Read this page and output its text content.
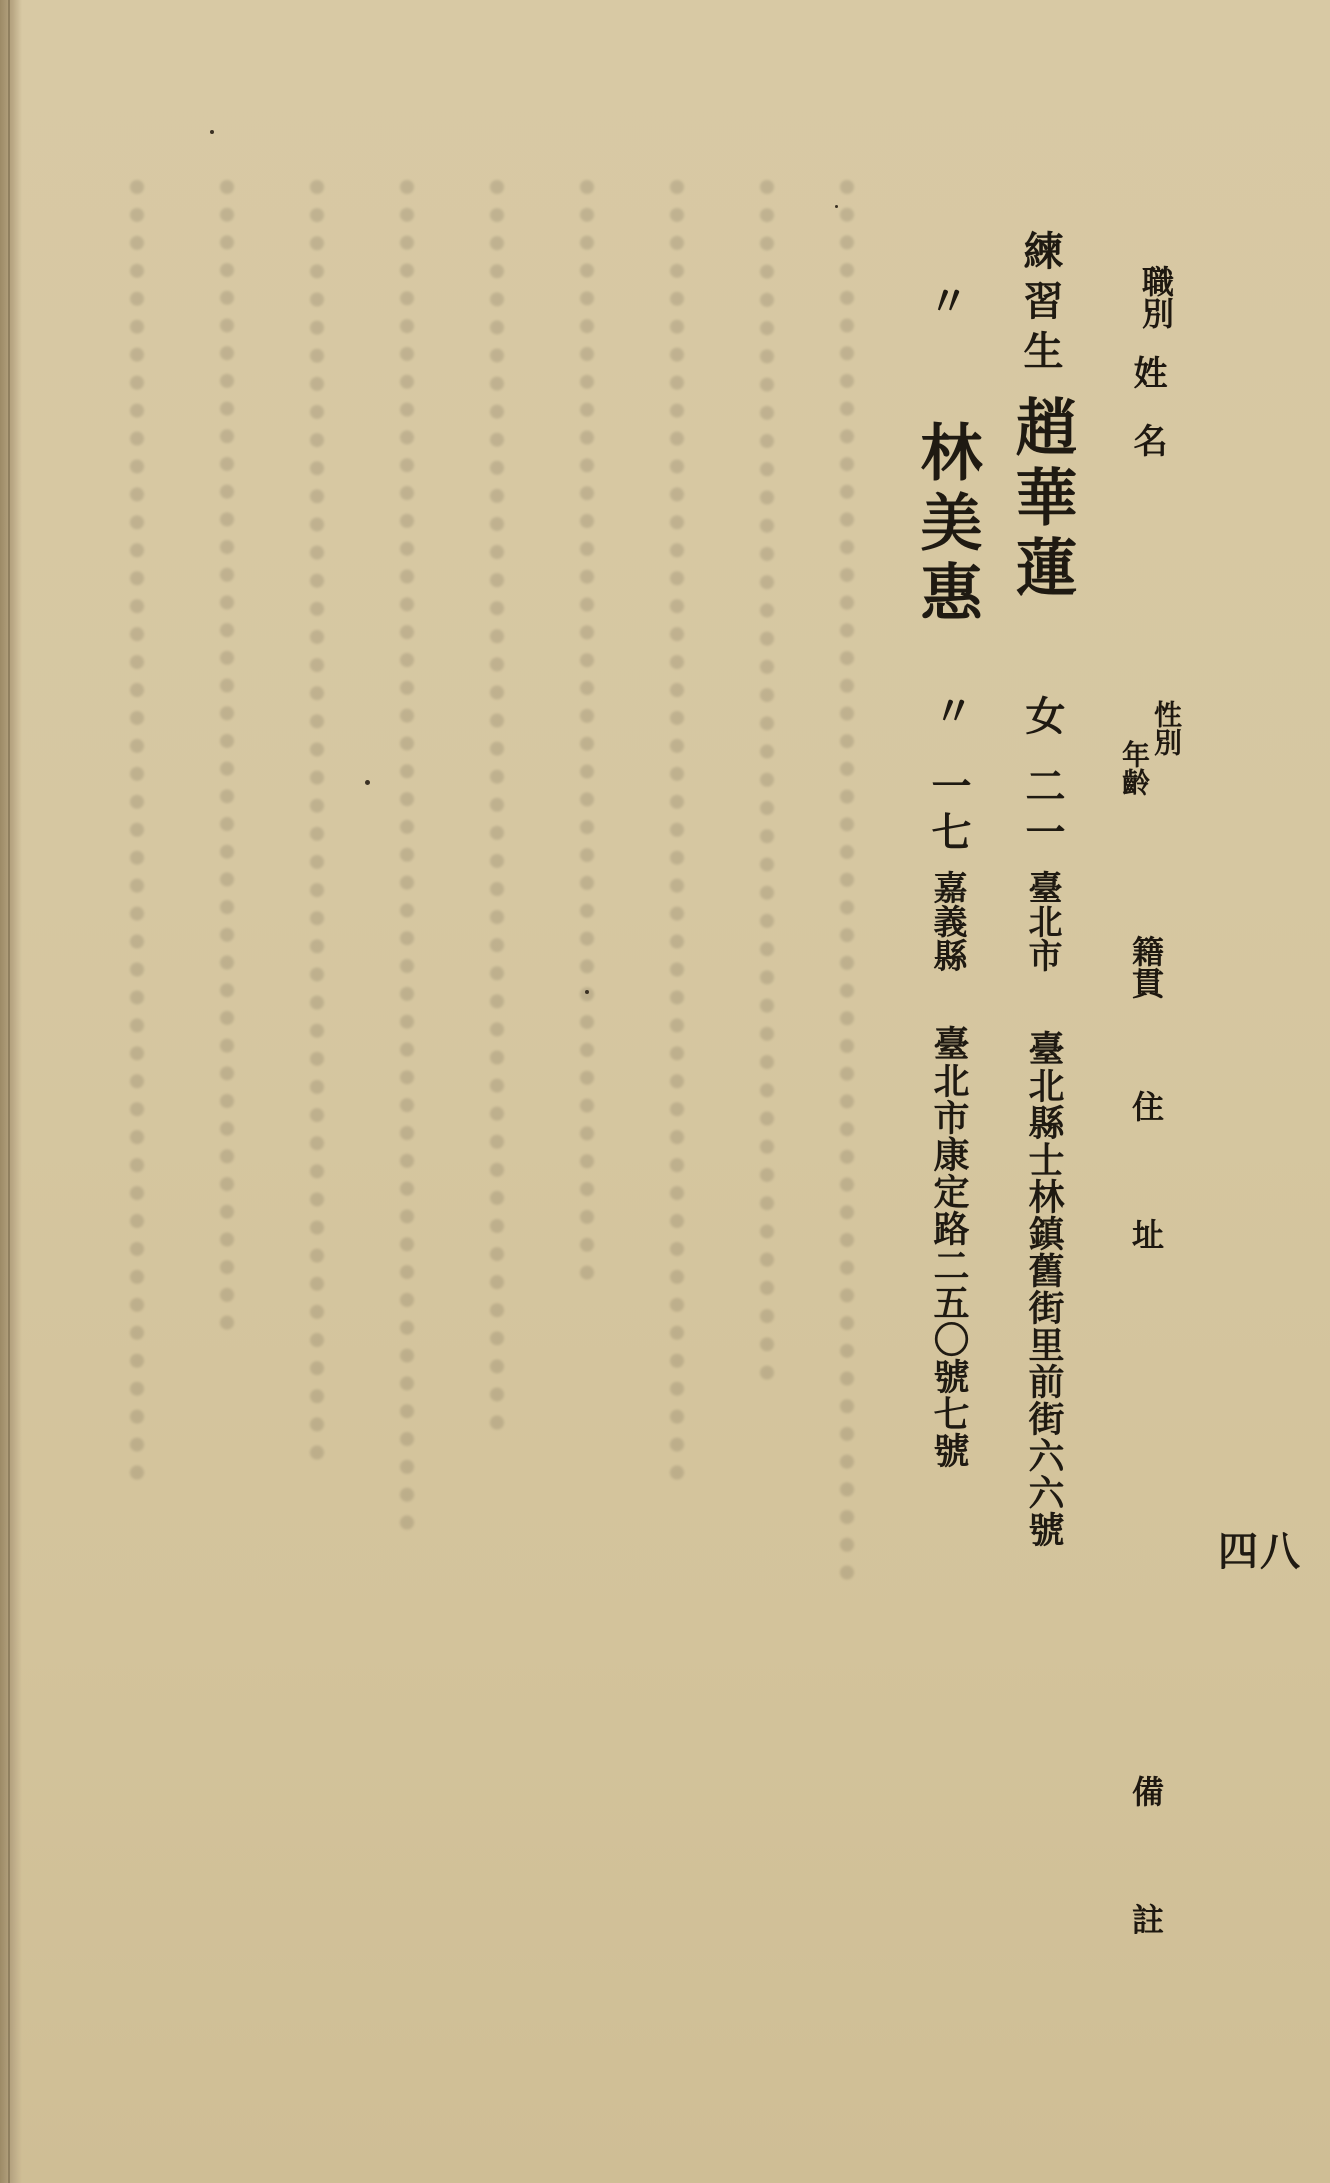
職別
姓　名
性別
年齡
籍貫
住　　　址
備　　　註
練習生
趙華蓮
女
二一
臺北市
臺北縣士林鎮舊街里前街六六號
〃
林美惠
〃
一七
嘉義縣
臺北市康定路二五〇號七號
四八
